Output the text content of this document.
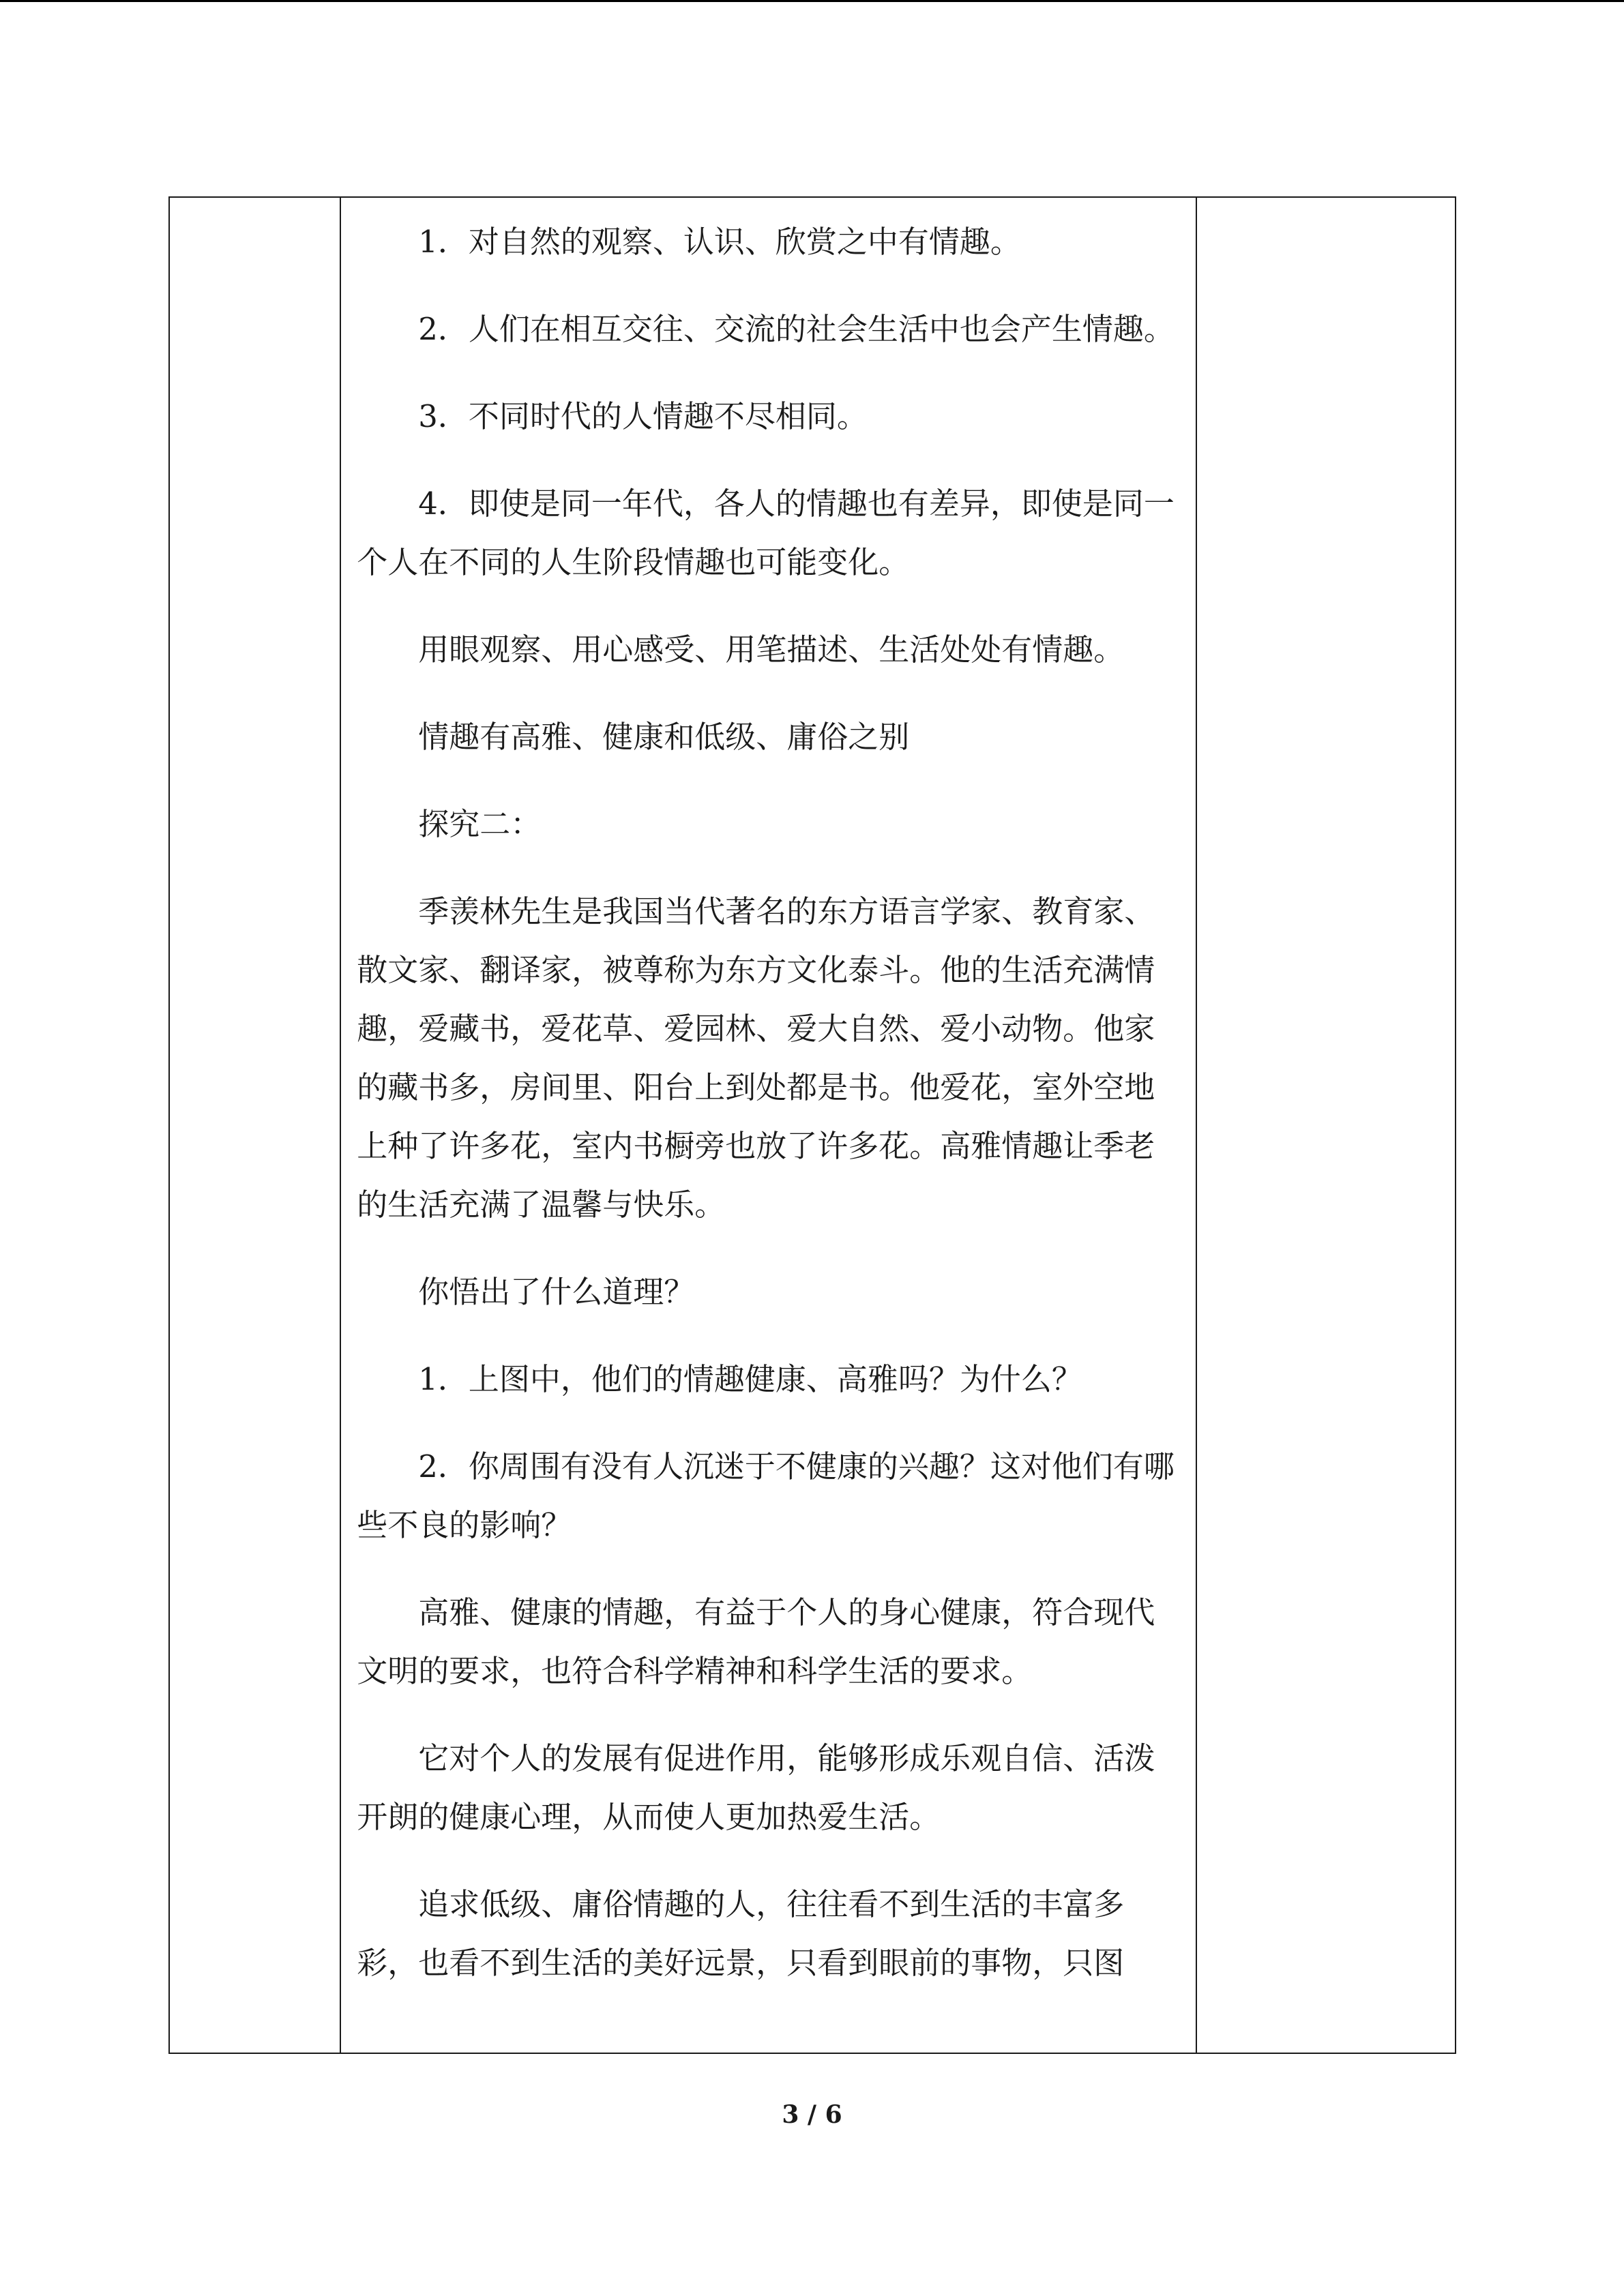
1．对自然的观察、认识、欣赏之中有情趣。

2．人们在相互交往、交流的社会生活中也会产生情趣。

3．不同时代的人情趣不尽相同。

4．即使是同一年代，各人的情趣也有差异，即使是同一个人在不同的人生阶段情趣也可能变化。

用眼观察、用心感受、用笔描述、生活处处有情趣。

情趣有高雅、健康和低级、庸俗之别

探究二：

季羡林先生是我国当代著名的东方语言学家、教育家、散文家、翻译家，被尊称为东方文化泰斗。他的生活充满情趣，爱藏书，爱花草、爱园林、爱大自然、爱小动物。他家的藏书多，房间里、阳台上到处都是书。他爱花，室外空地上种了许多花，室内书橱旁也放了许多花。高雅情趣让季老的生活充满了温馨与快乐。

你悟出了什么道理？

1．上图中，他们的情趣健康、高雅吗？为什么？

2．你周围有没有人沉迷于不健康的兴趣？这对他们有哪些不良的影响？

高雅、健康的情趣，有益于个人的身心健康，符合现代文明的要求，也符合科学精神和科学生活的要求。

它对个人的发展有促进作用，能够形成乐观自信、活泼开朗的健康心理，从而使人更加热爱生活。

追求低级、庸俗情趣的人，往往看不到生活的丰富多彩，也看不到生活的美好远景，只看到眼前的事物，只图

3 / 6
